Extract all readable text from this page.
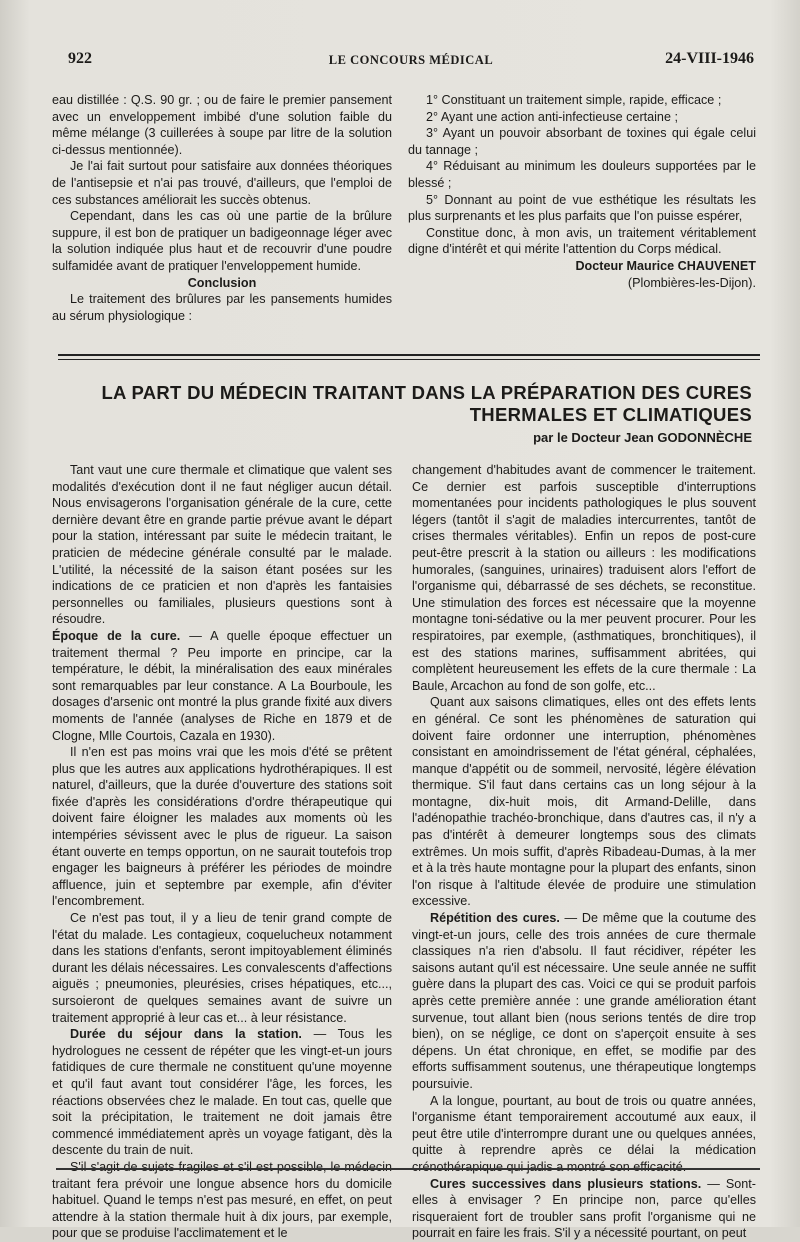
922	LE CONCOURS MÉDICAL	24-VIII-1946

eau distillée : Q.S. 90 gr. ; ou de faire le premier pansement avec un enveloppement imbibé d'une solution faible du même mélange (3 cuillerées à soupe par litre de la solution ci-dessus mentionnée).

Je l'ai fait surtout pour satisfaire aux données théoriques de l'antisepsie et n'ai pas trouvé, d'ailleurs, que l'emploi de ces substances améliorait les succès obtenus.

Cependant, dans les cas où une partie de la brûlure suppure, il est bon de pratiquer un badigeonnage léger avec la solution indiquée plus haut et de recouvrir d'une poudre sulfamidée avant de pratiquer l'enveloppement humide.

Conclusion

Le traitement des brûlures par les pansements humides au sérum physiologique :

1° Constituant un traitement simple, rapide, efficace ;

2° Ayant une action anti-infectieuse certaine ;

3° Ayant un pouvoir absorbant de toxines qui égale celui du tannage ;

4° Réduisant au minimum les douleurs supportées par le blessé ;

5° Donnant au point de vue esthétique les résultats les plus surprenants et les plus parfaits que l'on puisse espérer,

Constitue donc, à mon avis, un traitement véritablement digne d'intérêt et qui mérite l'attention du Corps médical.

Docteur Maurice CHAUVENET

(Plombières-les-Dijon).

LA PART DU MÉDECIN TRAITANT DANS LA PRÉPARATION DES CURES
THERMALES ET CLIMATIQUES
par le Docteur Jean GODONNÈCHE

Tant vaut une cure thermale et climatique que valent ses modalités d'exécution dont il ne faut négliger aucun détail. Nous envisagerons l'organisation générale de la cure, cette dernière devant être en grande partie prévue avant le départ pour la station, intéressant par suite le médecin traitant, le praticien de médecine générale consulté par le malade. L'utilité, la nécessité de la saison étant posées sur les indications de ce praticien et non d'après les fantaisies personnelles ou familiales, plusieurs questions sont à résoudre.

Époque de la cure. — A quelle époque effectuer un traitement thermal ? Peu importe en principe, car la température, le débit, la minéralisation des eaux minérales sont remarquables par leur constance. A La Bourboule, les dosages d'arsenic ont montré la plus grande fixité aux divers moments de l'année (analyses de Riche en 1879 et de Clogne, Mlle Courtois, Cazala en 1930).

Il n'en est pas moins vrai que les mois d'été se prêtent plus que les autres aux applications hydrothérapiques. Il est naturel, d'ailleurs, que la durée d'ouverture des stations soit fixée d'après les considérations d'ordre thérapeutique qui doivent faire éloigner les malades aux moments où les intempéries sévissent avec le plus de rigueur. La saison étant ouverte en temps opportun, on ne saurait toutefois trop engager les baigneurs à préférer les périodes de moindre affluence, juin et septembre par exemple, afin d'éviter l'encombrement.

Ce n'est pas tout, il y a lieu de tenir grand compte de l'état du malade. Les contagieux, coquelucheux notamment dans les stations d'enfants, seront impitoyablement éliminés durant les délais nécessaires. Les convalescents d'affections aiguës ; pneumonies, pleurésies, crises hépatiques, etc..., sursoieront de quelques semaines avant de suivre un traitement approprié à leur cas et... à leur résistance.

Durée du séjour dans la station. — Tous les hydrologues ne cessent de répéter que les vingt-et-un jours fatidiques de cure thermale ne constituent qu'une moyenne et qu'il faut avant tout considérer l'âge, les forces, les réactions observées chez le malade. En tout cas, quelle que soit la précipitation, le traitement ne doit jamais être commencé immédiatement après un voyage fatigant, dès la descente du train de nuit.

S'il s'agit de sujets fragiles et s'il est possible, le médecin traitant fera prévoir une longue absence hors du domicile habituel. Quand le temps n'est pas mesuré, en effet, on peut attendre à la station thermale huit à dix jours, par exemple, pour que se produise l'acclimatement et le

changement d'habitudes avant de commencer le traitement. Ce dernier est parfois susceptible d'interruptions momentanées pour incidents pathologiques le plus souvent légers (tantôt il s'agit de maladies intercurrentes, tantôt de crises thermales véritables). Enfin un repos de post-cure peut-être prescrit à la station ou ailleurs : les modifications humorales, (sanguines, urinaires) traduisent alors l'effort de l'organisme qui, débarrassé de ses déchets, se reconstitue. Une stimulation des forces est nécessaire que la moyenne montagne toni-sédative ou la mer peuvent procurer. Pour les respiratoires, par exemple, (asthmatiques, bronchitiques), il est des stations marines, suffisamment abritées, qui complètent heureusement les effets de la cure thermale : La Baule, Arcachon au fond de son golfe, etc...

Quant aux saisons climatiques, elles ont des effets lents en général. Ce sont les phénomènes de saturation qui doivent faire ordonner une interruption, phénomènes consistant en amoindrissement de l'état général, céphalées, manque d'appétit ou de sommeil, nervosité, légère élévation thermique. S'il faut dans certains cas un long séjour à la montagne, dix-huit mois, dit Armand-Delille, dans l'adénopathie trachéo-bronchique, dans d'autres cas, il n'y a pas d'intérêt à demeurer longtemps sous des climats extrêmes. Un mois suffit, d'après Ribadeau-Dumas, à la mer et à la très haute montagne pour la plupart des enfants, sinon l'on risque à l'altitude élevée de produire une stimulation excessive.

Répétition des cures. — De même que la coutume des vingt-et-un jours, celle des trois années de cure thermale classiques n'a rien d'absolu. Il faut récidiver, répéter les saisons autant qu'il est nécessaire. Une seule année ne suffit guère dans la plupart des cas. Voici ce qui se produit parfois après cette première année : une grande amélioration étant survenue, tout allant bien (nous serions tentés de dire trop bien), on se néglige, ce dont on s'aperçoit ensuite à ses dépens. Un état chronique, en effet, se modifie par des efforts suffisamment soutenus, une thérapeutique longtemps poursuivie.

A la longue, pourtant, au bout de trois ou quatre années, l'organisme étant temporairement accoutumé aux eaux, il peut être utile d'interrompre durant une ou quelques années, quitte à reprendre après ce délai la médication crénothérapique qui jadis a montré son efficacité.

Cures successives dans plusieurs stations. — Sont-elles à envisager ? En principe non, parce qu'elles risqueraient fort de troubler sans profit l'organisme qui ne pourrait en faire les frais. S'il y a nécessité pourtant, on peut
